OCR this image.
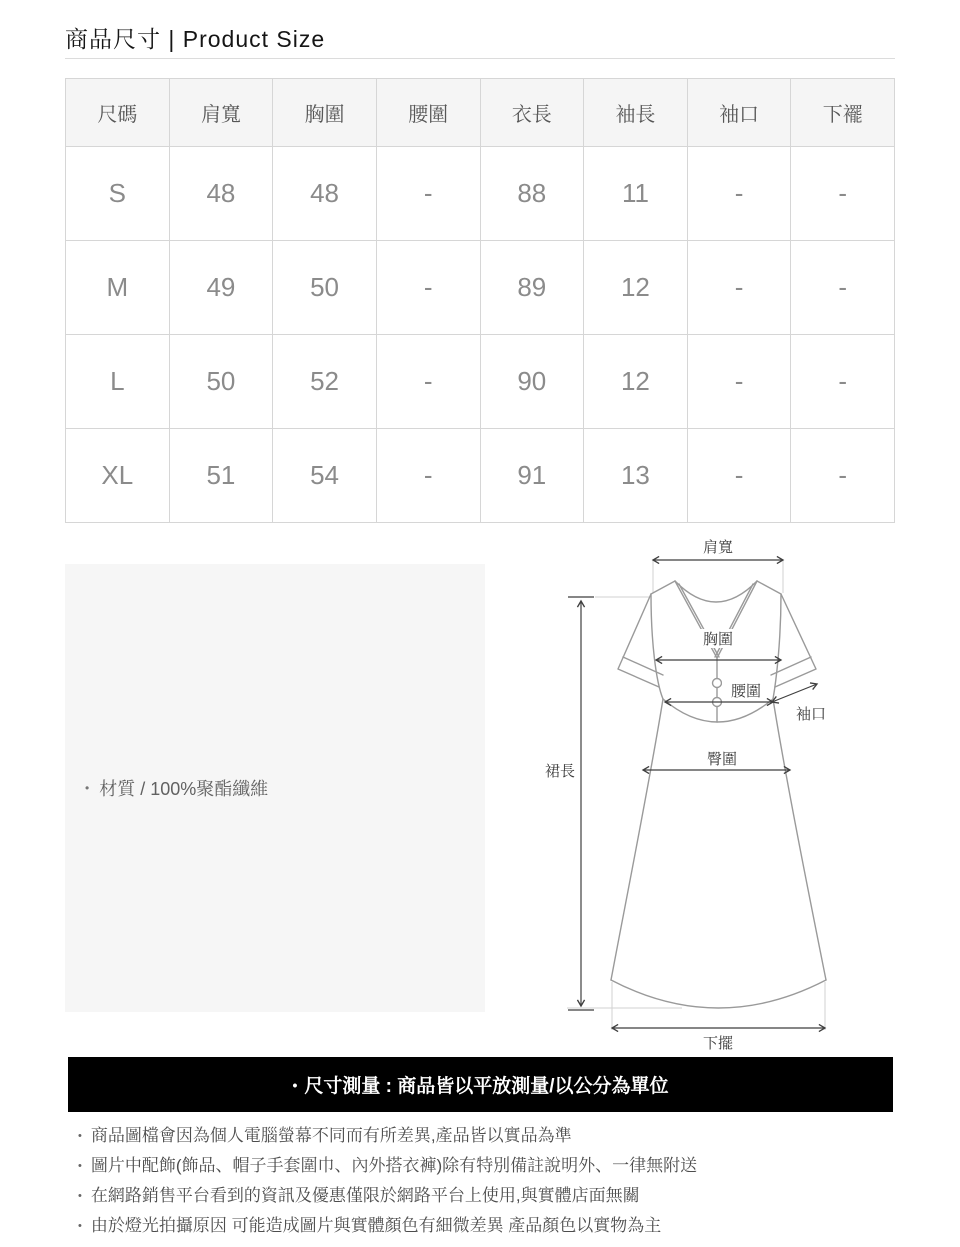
商品尺寸 | Product Size
尺碼	肩寬	胸圍	腰圍	衣長	袖長	袖口	下襬
S	48	48	-	88	11	-	-
M	49	50	-	89	12	-	-
L	50	52	-	90	12	-	-
XL	51	54	-	91	13	-	-
• 材質 / 100%聚酯纖維
肩寬
胸圍
腰圍
袖口
臀圍
裙長
下擺
• 尺寸測量 : 商品皆以平放測量/以公分為單位
• 商品圖檔會因為個人電腦螢幕不同而有所差異,產品皆以實品為準
• 圖片中配飾(飾品、帽子手套圍巾、內外搭衣褲)除有特別備註說明外、一律無附送
• 在網路銷售平台看到的資訊及優惠僅限於網路平台上使用,與實體店面無關
• 由於燈光拍攝原因 可能造成圖片與實體顏色有細微差異 產品顏色以實物為主
